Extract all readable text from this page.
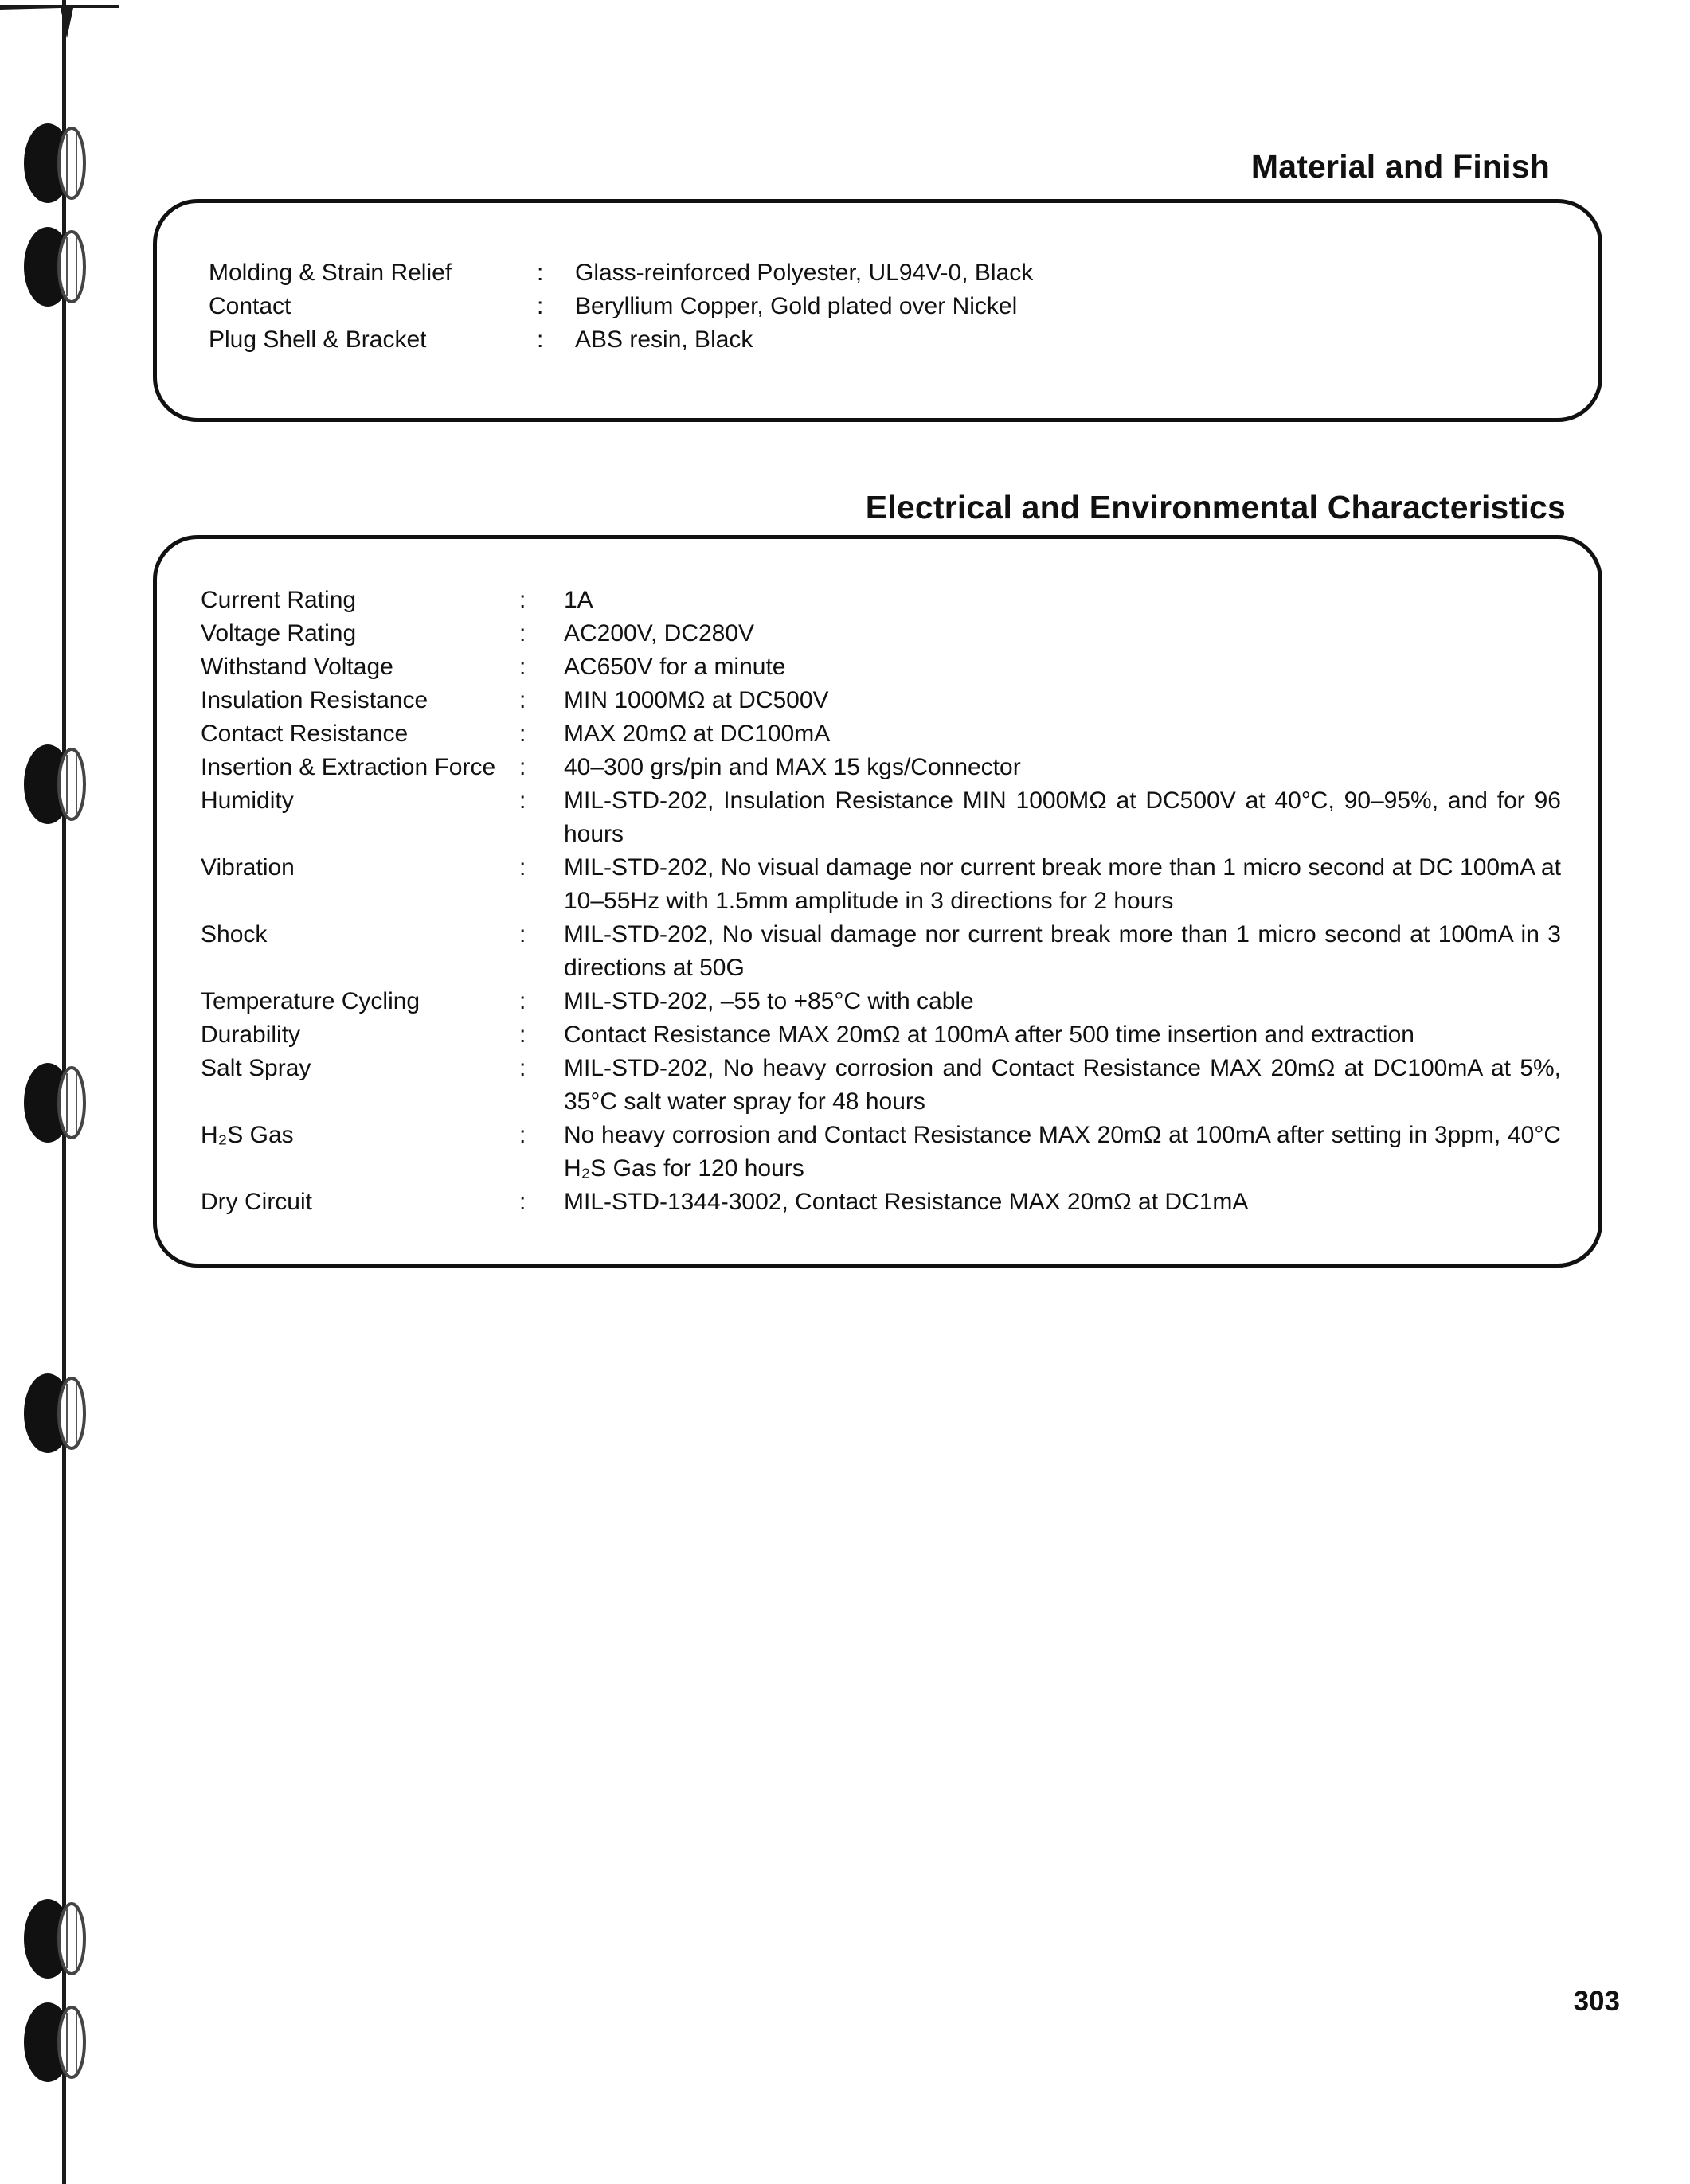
Material and Finish
Molding & Strain Relief	:	Glass-reinforced Polyester, UL94V-0, Black
Contact	:	Beryllium Copper, Gold plated over Nickel
Plug Shell & Bracket	:	ABS resin, Black
Electrical and Environmental Characteristics
Current Rating	:	1A
Voltage Rating	:	AC200V, DC280V
Withstand Voltage	:	AC650V for a minute
Insulation Resistance	:	MIN 1000MΩ at DC500V
Contact Resistance	:	MAX 20mΩ at DC100mA
Insertion & Extraction Force	:	40–300 grs/pin and MAX 15 kgs/Connector
Humidity	:	MIL-STD-202, Insulation Resistance MIN 1000MΩ at DC500V at 40°C, 90–95%, and for 96 hours
Vibration	:	MIL-STD-202, No visual damage nor current break more than 1 micro second at DC 100mA at 10–55Hz with 1.5mm amplitude in 3 directions for 2 hours
Shock	:	MIL-STD-202, No visual damage nor current break more than 1 micro second at 100mA in 3 directions at 50G
Temperature Cycling	:	MIL-STD-202, –55 to +85°C with cable
Durability	:	Contact Resistance MAX 20mΩ at 100mA after 500 time insertion and extraction
Salt Spray	:	MIL-STD-202, No heavy corrosion and Contact Resistance MAX 20mΩ at DC100mA at 5%, 35°C salt water spray for 48 hours
H₂S Gas	:	No heavy corrosion and Contact Resistance MAX 20mΩ at 100mA after setting in 3ppm, 40°C H₂S Gas for 120 hours
Dry Circuit	:	MIL-STD-1344-3002, Contact Resistance MAX 20mΩ at DC1mA
303
